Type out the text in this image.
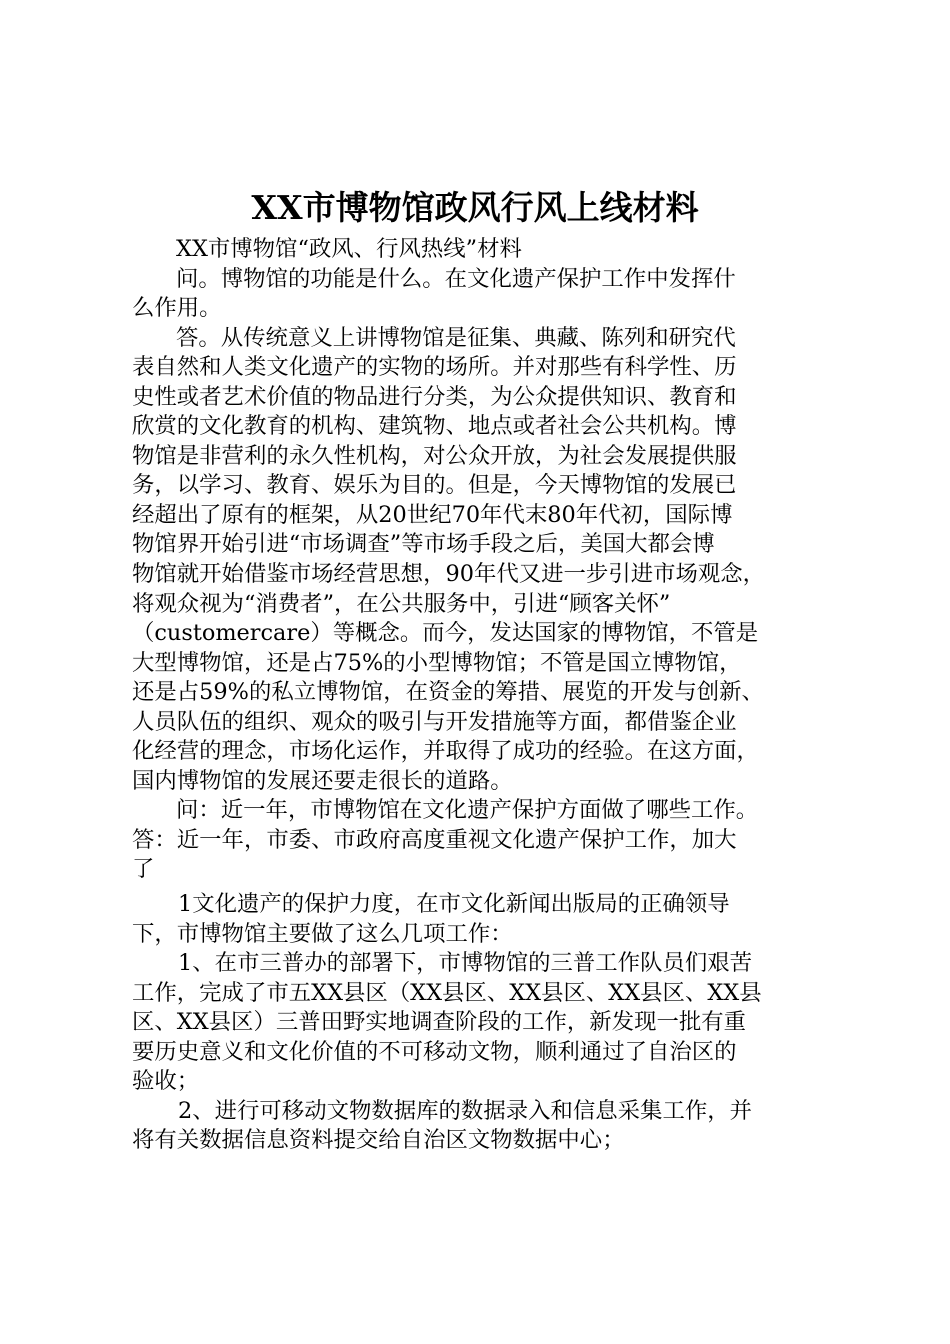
XX市博物馆政风行风上线材料
XX市博物馆“政风、行风热线”材料
问。博物馆的功能是什么。在文化遗产保护工作中发挥什
么作用。
答。从传统意义上讲博物馆是征集、典藏、陈列和研究代
表自然和人类文化遗产的实物的场所。并对那些有科学性、历
史性或者艺术价值的物品进行分类，为公众提供知识、教育和
欣赏的文化教育的机构、建筑物、地点或者社会公共机构。博
物馆是非营利的永久性机构，对公众开放，为社会发展提供服
务，以学习、教育、娱乐为目的。但是，今天博物馆的发展已
经超出了原有的框架，从20世纪70年代末80年代初，国际博
物馆界开始引进“市场调查”等市场手段之后，美国大都会博
物馆就开始借鉴市场经营思想，90年代又进一步引进市场观念，
将观众视为“消费者”，在公共服务中，引进“顾客关怀”
（customercare）等概念。而今，发达国家的博物馆，不管是
大型博物馆，还是占75%的小型博物馆；不管是国立博物馆，
还是占59%的私立博物馆，在资金的筹措、展览的开发与创新、
人员队伍的组织、观众的吸引与开发措施等方面，都借鉴企业
化经营的理念，市场化运作，并取得了成功的经验。在这方面，
国内博物馆的发展还要走很长的道路。
问：近一年，市博物馆在文化遗产保护方面做了哪些工作。
答：近一年，市委、市政府高度重视文化遗产保护工作，加大
了
1文化遗产的保护力度，在市文化新闻出版局的正确领导
下，市博物馆主要做了这么几项工作：
1、在市三普办的部署下，市博物馆的三普工作队员们艰苦
工作，完成了市五XX县区（XX县区、XX县区、XX县区、XX县
区、XX县区）三普田野实地调查阶段的工作，新发现一批有重
要历史意义和文化价值的不可移动文物，顺利通过了自治区的
验收；
2、进行可移动文物数据库的数据录入和信息采集工作，并
将有关数据信息资料提交给自治区文物数据中心；
